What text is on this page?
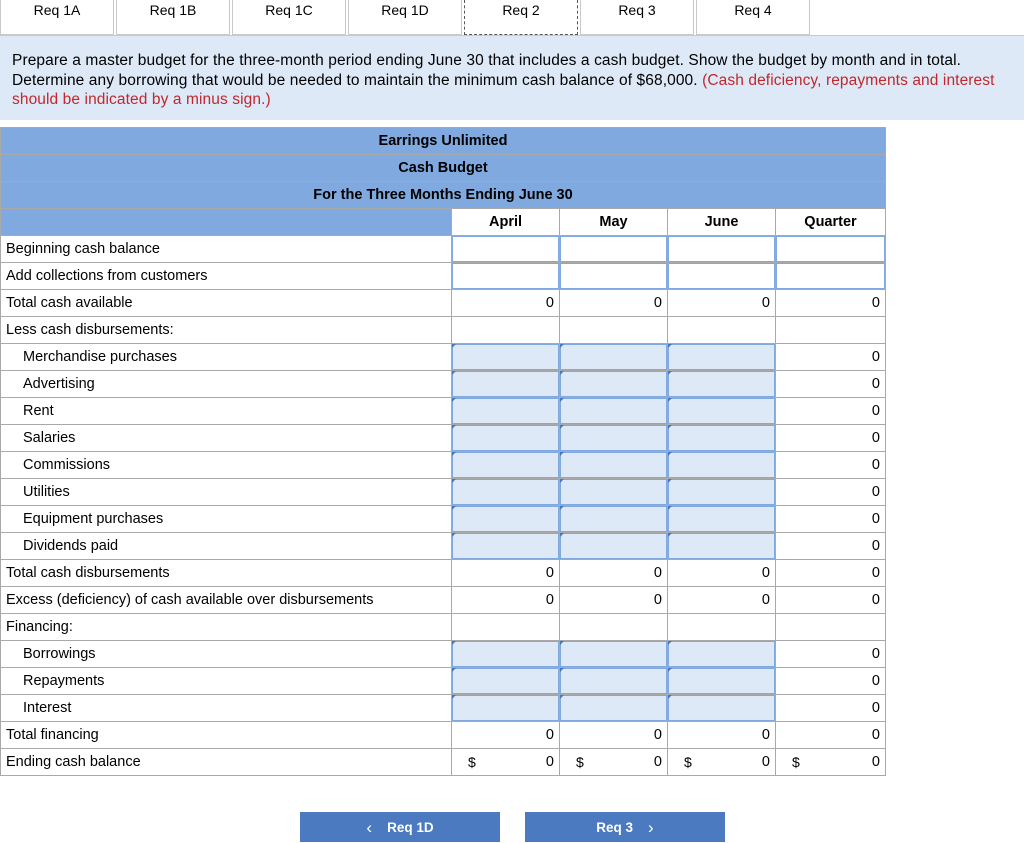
Req 1A	Req 1B	Req 1C	Req 1D	Req 2	Req 3	Req 4
Prepare a master budget for the three-month period ending June 30 that includes a cash budget. Show the budget by month and in total. Determine any borrowing that would be needed to maintain the minimum cash balance of $68,000. (Cash deficiency, repayments and interest should be indicated by a minus sign.)
Earrings Unlimited				
Cash Budget				
For the Three Months Ending June 30				
	April	May	June	Quarter
Beginning cash balance	

Add collections from customers	

Total cash available	0	0	0	0
Less cash disbursements:				
Merchandise purchases				0
Advertising				0
Rent				0
Salaries				0
Commissions				0
Utilities				0
Equipment purchases				0
Dividends paid				0
Total cash disbursements	0	0	0	0
Excess (deficiency) of cash available over disbursements	0	0	0	0
Financing:				
Borrowings				0
Repayments				0
Interest				0
Total financing	0	0	0	0
Ending cash balance	$ 0	$ 0	$ 0	$ 0
‹ Req 1D	Req 3 ›
